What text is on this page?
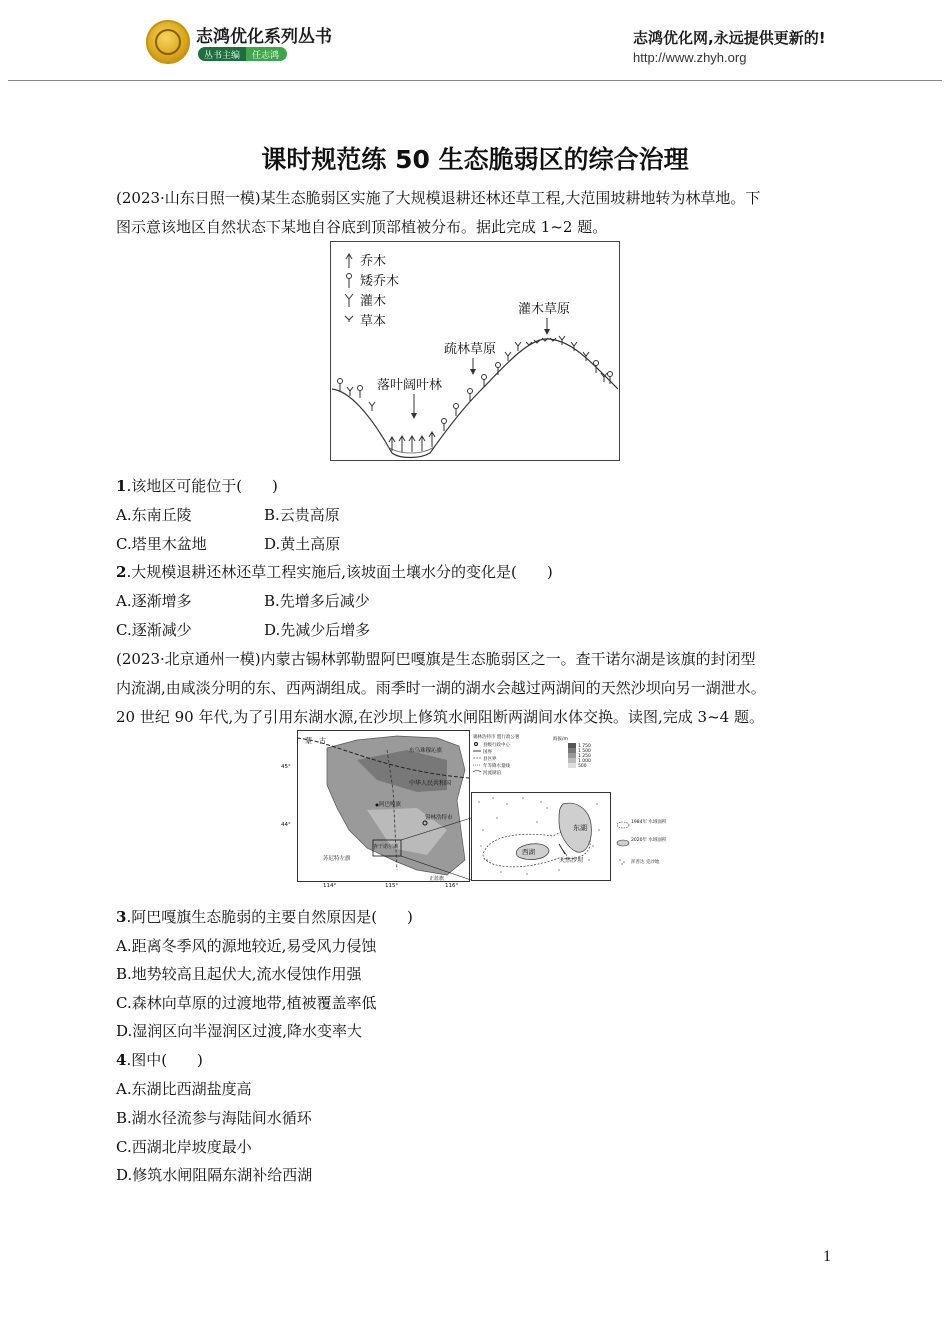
志鸿优化系列丛书
丛书主编	任志鸿
志鸿优化网,永远提供更新的!
http://www.zhyh.org
课时规范练 50 生态脆弱区的综合治理
(2023·山东日照一模)某生态脆弱区实施了大规模退耕还林还草工程,大范围坡耕地转为林草地。下
图示意该地区自然状态下某地自谷底到顶部植被分布。据此完成 1~2 题。
乔木
矮乔木
灌木
草本
灌木草原
疏林草原
落叶阔叶林
1.该地区可能位于(　　)
A.东南丘陵	B.云贵高原
C.塔里木盆地	D.黄土高原
2.大规模退耕还林还草工程实施后,该坡面土壤水分的变化是(　　)
A.逐渐增多	B.先增多后减少
C.逐渐减少	D.先减少后增多
(2023·北京通州一模)内蒙古锡林郭勒盟阿巴嘎旗是生态脆弱区之一。查干诺尔湖是该旗的封闭型
内流湖,由咸淡分明的东、西两湖组成。雨季时一湖的湖水会越过两湖间的天然沙坝向另一湖泄水。
20 世纪 90 年代,为了引用东湖水源,在沙坝上修筑水闸阻断两湖间水体交换。读图,完成 3~4 题。
蒙　古
中华人民共和国
东乌珠穆沁旗
阿巴嘎旗
锡林浩特市
苏尼特左旗
查干诺尔湖
正蓝旗
45°
44°
114°	115°	116°
锡林浩特市 盟行政公署
县级行政中心
国界
县区界
年等降水量线
河流湖泊
海拔/m
1 750
1 500
1 250
1 000
500
东湖
西湖
天然沙坝
1984年 水域面积
2020年 水域面积
浑善达 克沙地
3.阿巴嘎旗生态脆弱的主要自然原因是(　　)
A.距离冬季风的源地较近,易受风力侵蚀
B.地势较高且起伏大,流水侵蚀作用强
C.森林向草原的过渡地带,植被覆盖率低
D.湿润区向半湿润区过渡,降水变率大
4.图中(　　)
A.东湖比西湖盐度高
B.湖水径流参与海陆间水循环
C.西湖北岸坡度最小
D.修筑水闸阻隔东湖补给西湖
1
